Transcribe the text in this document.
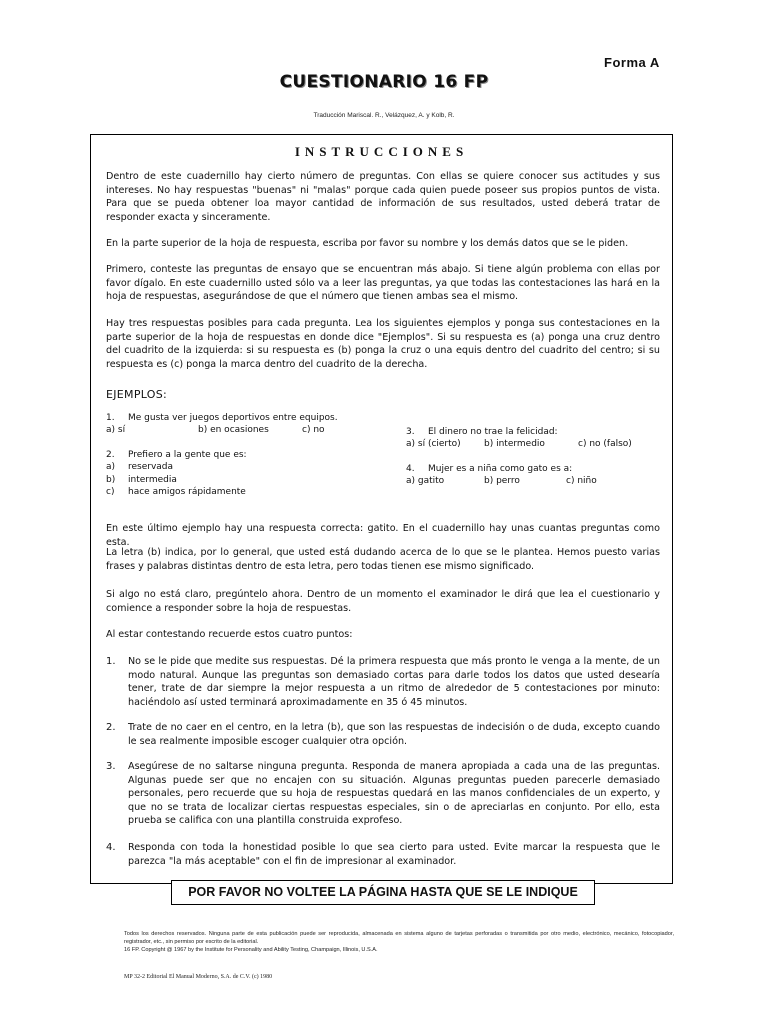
Forma A
CUESTIONARIO 16 FP
Traducción Mariscal. R., Velázquez, A. y Kolb, R.
INSTRUCCIONES
Dentro de este cuadernillo hay cierto número de preguntas. Con ellas se quiere conocer sus actitudes y sus intereses. No hay respuestas "buenas" ni "malas" porque cada quien puede poseer sus propios puntos de vista. Para que se pueda obtener loa mayor cantidad de información de sus resultados, usted deberá tratar de responder exacta y sinceramente.
En la parte superior de la hoja de respuesta, escriba por favor su nombre y los demás datos que se le piden.
Primero, conteste las preguntas de ensayo que se encuentran más abajo. Si tiene algún problema con ellas por favor dígalo. En este cuadernillo usted sólo va a leer las preguntas, ya que todas las contestaciones las hará en la hoja de respuestas, asegurándose de que el número que tienen ambas sea el mismo.
Hay tres respuestas posibles para cada pregunta. Lea los siguientes ejemplos y ponga sus contestaciones en la parte superior de la hoja de respuestas en donde dice "Ejemplos". Si su respuesta es (a) ponga una cruz dentro del cuadrito de la izquierda: si su respuesta es (b) ponga la cruz o una equis dentro del cuadrito del centro; si su respuesta es (c) ponga la marca dentro del cuadrito de la derecha.
EJEMPLOS:
1. Me gusta ver juegos deportivos entre equipos.
a) sí	b) en ocasiones	c) no
2. Prefiero a la gente que es:
a) reservada
b) intermedia
c) hace amigos rápidamente
3. El dinero no trae la felicidad:
a) sí (cierto)	b) intermedio	c) no (falso)
4. Mujer es a niña como gato es a:
a) gatito	b) perro	c) niño
En este último ejemplo hay una respuesta correcta: gatito. En el cuadernillo hay unas cuantas preguntas como esta.
La letra (b) indica, por lo general, que usted está dudando acerca de lo que se le plantea. Hemos puesto varias frases y palabras distintas dentro de esta letra, pero todas tienen ese mismo significado.
Si algo no está claro, pregúntelo ahora. Dentro de un momento el examinador le dirá que lea el cuestionario y comience a responder sobre la hoja de respuestas.
Al estar contestando recuerde estos cuatro puntos:
1. No se le pide que medite sus respuestas. Dé la primera respuesta que más pronto le venga a la mente, de un modo natural. Aunque las preguntas son demasiado cortas para darle todos los datos que usted desearía tener, trate de dar siempre la mejor respuesta a un ritmo de alrededor de 5 contestaciones por minuto: haciéndolo así usted terminará aproximadamente en 35 ó 45 minutos.
2. Trate de no caer en el centro, en la letra (b), que son las respuestas de indecisión o de duda, excepto cuando le sea realmente imposible escoger cualquier otra opción.
3. Asegúrese de no saltarse ninguna pregunta. Responda de manera apropiada a cada una de las preguntas. Algunas puede ser que no encajen con su situación. Algunas preguntas pueden parecerle demasiado personales, pero recuerde que su hoja de respuestas quedará en las manos confidenciales de un experto, y que no se trata de localizar ciertas respuestas especiales, sin o de apreciarlas en conjunto. Por ello, esta prueba se califica con una plantilla construida exprofeso.
4. Responda con toda la honestidad posible lo que sea cierto para usted. Evite marcar la respuesta que le parezca "la más aceptable" con el fin de impresionar al examinador.
POR FAVOR NO VOLTEE LA PÁGINA HASTA QUE SE LE INDIQUE
Todos los derechos reservados. Ninguna parte de esta publicación puede ser reproducida, almacenada en sistema alguno de tarjetas perforadas o transmitida por otro medio, electrónico, mecánico, fotocopiador, registrador, etc., sin permiso por escrito de la editorial.
16 FP. Copyright @ 1967 by the Institute for Personality and Ability Testing, Champaign, Illinois, U.S.A.
MP 32-2 Editorial El Manual Moderno, S.A. de C.V. (c) 1980
